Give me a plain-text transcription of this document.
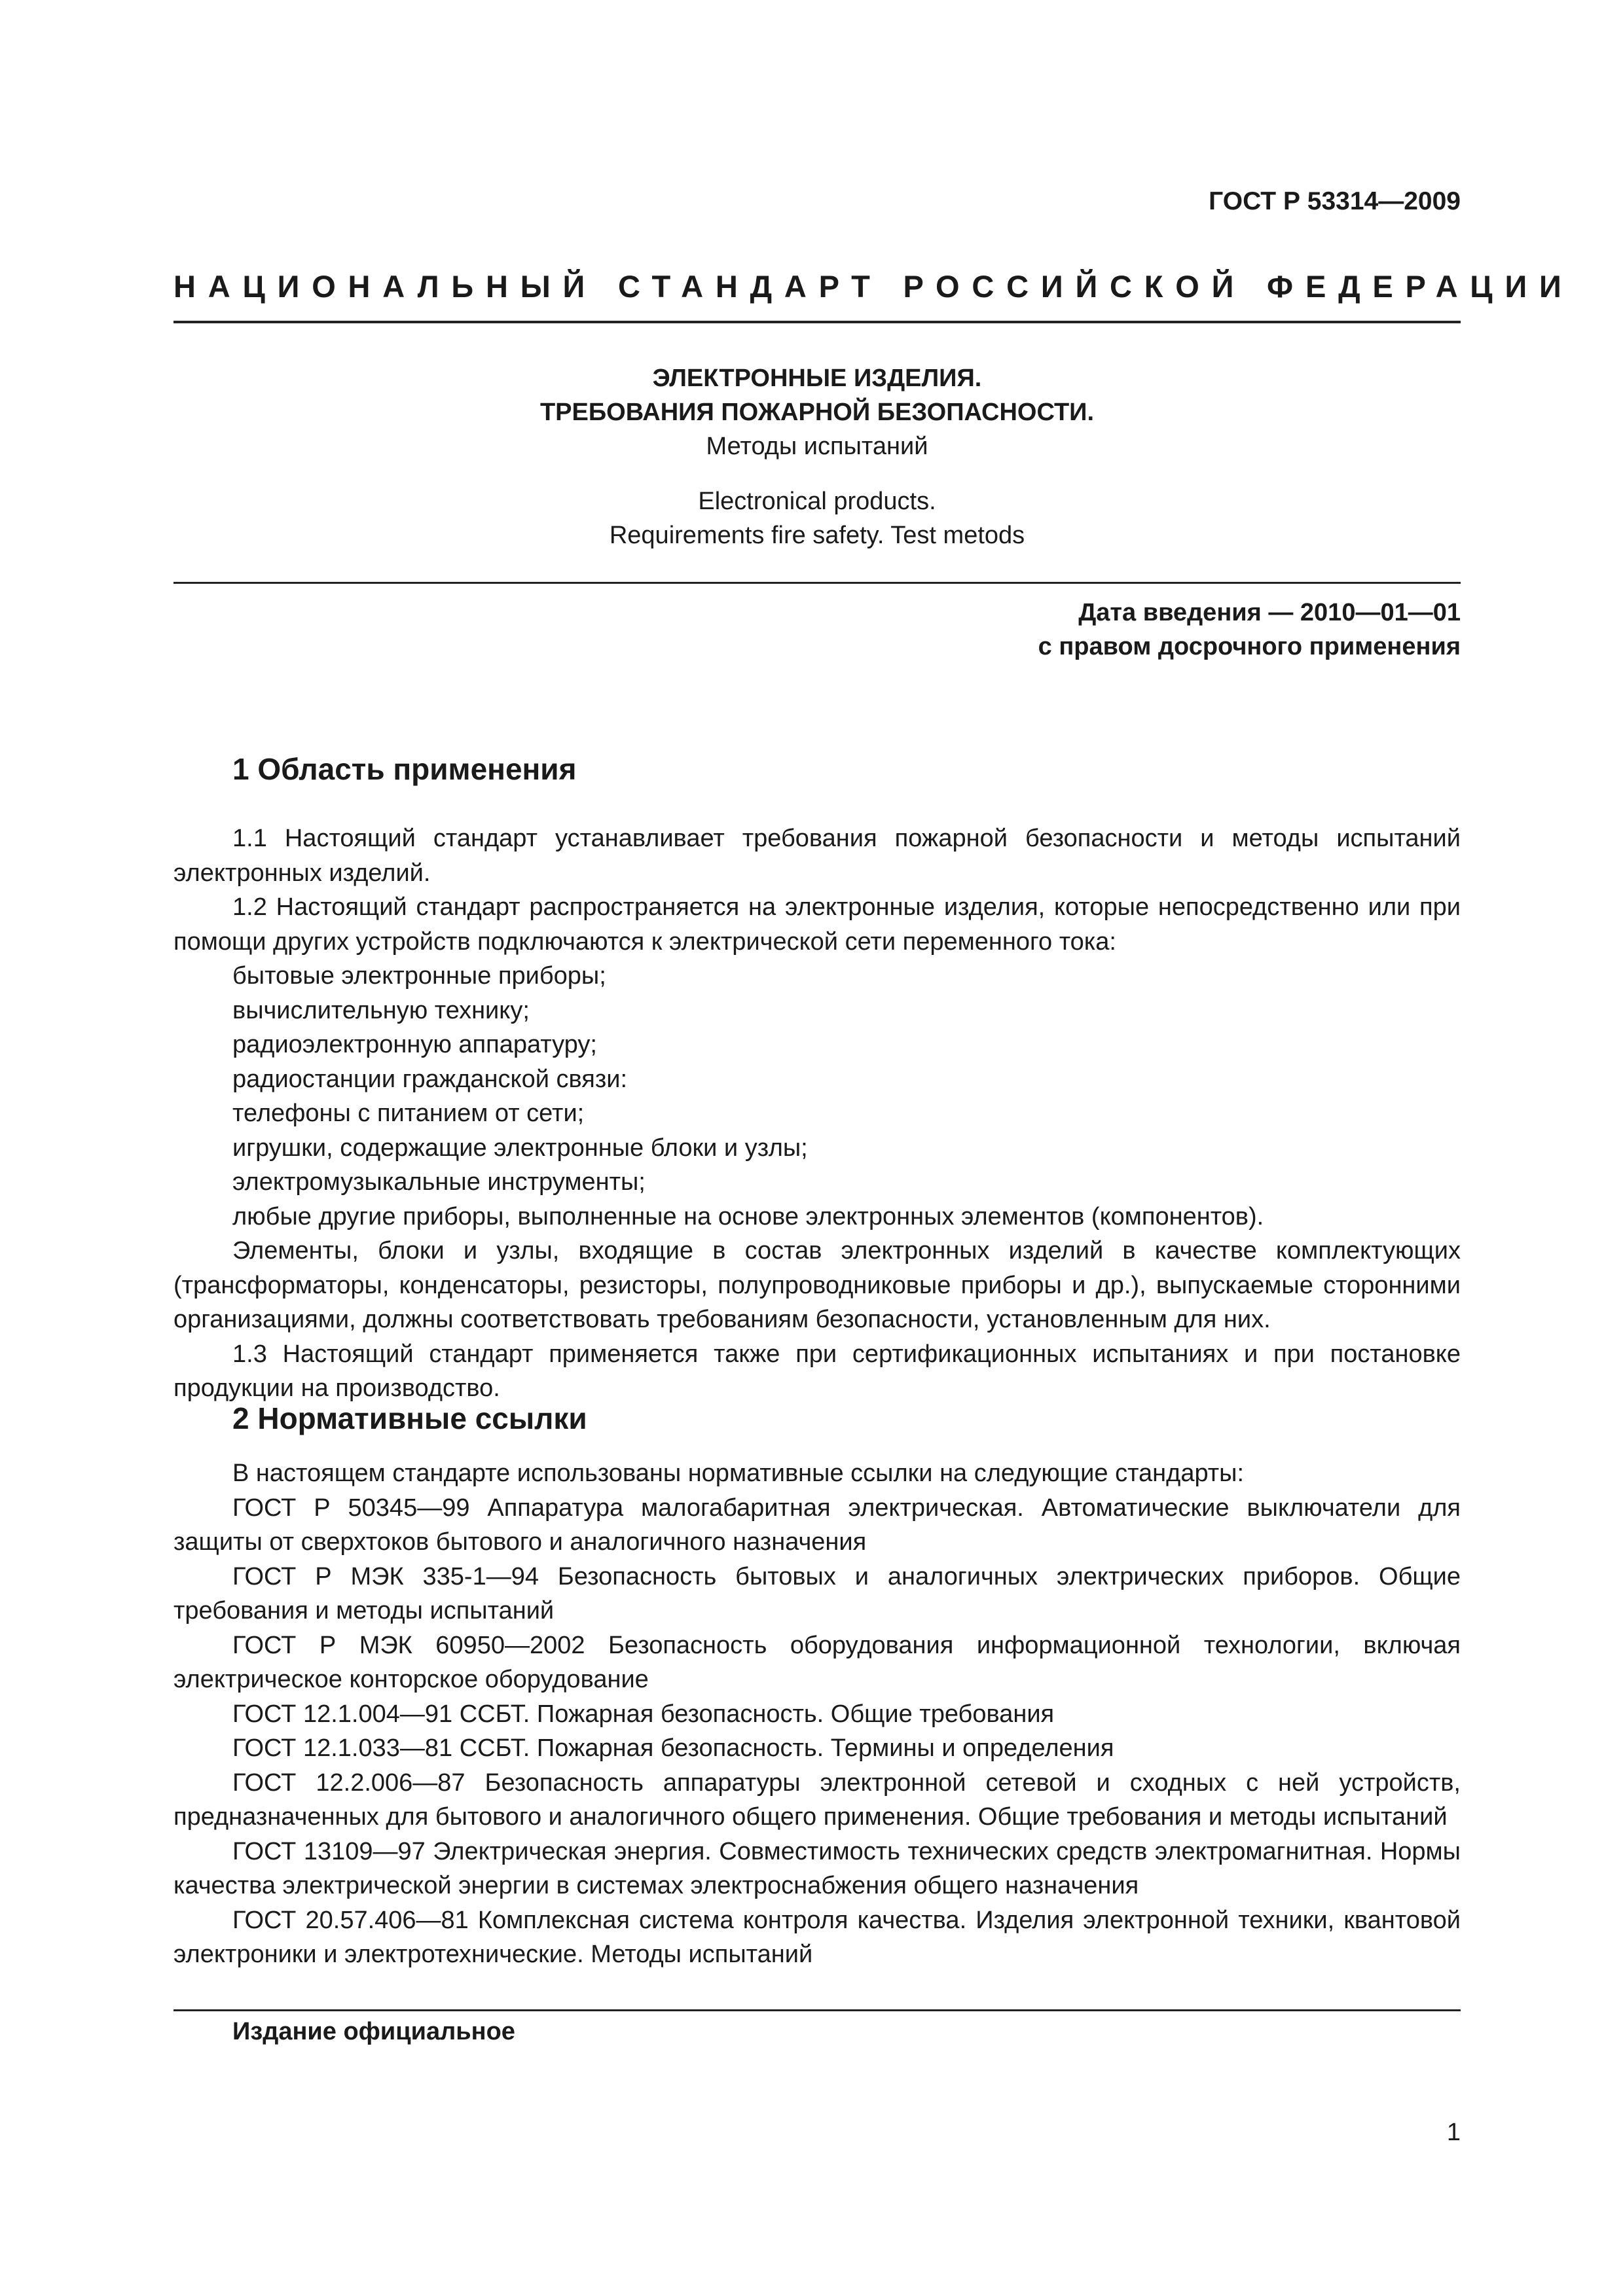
ГОСТ Р 53314—2009
НАЦИОНАЛЬНЫЙ СТАНДАРТ РОССИЙСКОЙ ФЕДЕРАЦИИ
ЭЛЕКТРОННЫЕ ИЗДЕЛИЯ.
ТРЕБОВАНИЯ ПОЖАРНОЙ БЕЗОПАСНОСТИ.
Методы испытаний
Electronical products.
Requirements fire safety. Test metods
Дата введения — 2010—01—01
с правом досрочного применения
1 Область применения

1.1 Настоящий стандарт устанавливает требования пожарной безопасности и методы испытаний электронных изделий.

1.2 Настоящий стандарт распространяется на электронные изделия, которые непосредственно или при помощи других устройств подключаются к электрической сети переменного тока:

бытовые электронные приборы;

вычислительную технику;

радиоэлектронную аппаратуру;

радиостанции гражданской связи:

телефоны с питанием от сети;

игрушки, содержащие электронные блоки и узлы;

электромузыкальные инструменты;

любые другие приборы, выполненные на основе электронных элементов (компонентов).

Элементы, блоки и узлы, входящие в состав электронных изделий в качестве комплектующих (трансформаторы, конденсаторы, резисторы, полупроводниковые приборы и др.), выпускаемые сторонними организациями, должны соответствовать требованиям безопасности, установленным для них.

1.3 Настоящий стандарт применяется также при сертификационных испытаниях и при постановке продукции на производство.

2 Нормативные ссылки

В настоящем стандарте использованы нормативные ссылки на следующие стандарты:

ГОСТ Р 50345—99 Аппаратура малогабаритная электрическая. Автоматические выключатели для защиты от сверхтоков бытового и аналогичного назначения

ГОСТ Р МЭК 335-1—94 Безопасность бытовых и аналогичных электрических приборов. Общие требования и методы испытаний

ГОСТ Р МЭК 60950—2002 Безопасность оборудования информационной технологии, включая электрическое конторское оборудование

ГОСТ 12.1.004—91 ССБТ. Пожарная безопасность. Общие требования

ГОСТ 12.1.033—81 ССБТ. Пожарная безопасность. Термины и определения

ГОСТ 12.2.006—87 Безопасность аппаратуры электронной сетевой и сходных с ней устройств, предназначенных для бытового и аналогичного общего применения. Общие требования и методы испытаний

ГОСТ 13109—97 Электрическая энергия. Совместимость технических средств электромагнитная. Нормы качества электрической энергии в системах электроснабжения общего назначения

ГОСТ 20.57.406—81 Комплексная система контроля качества. Изделия электронной техники, квантовой электроники и электротехнические. Методы испытаний

Издание официальное
1
